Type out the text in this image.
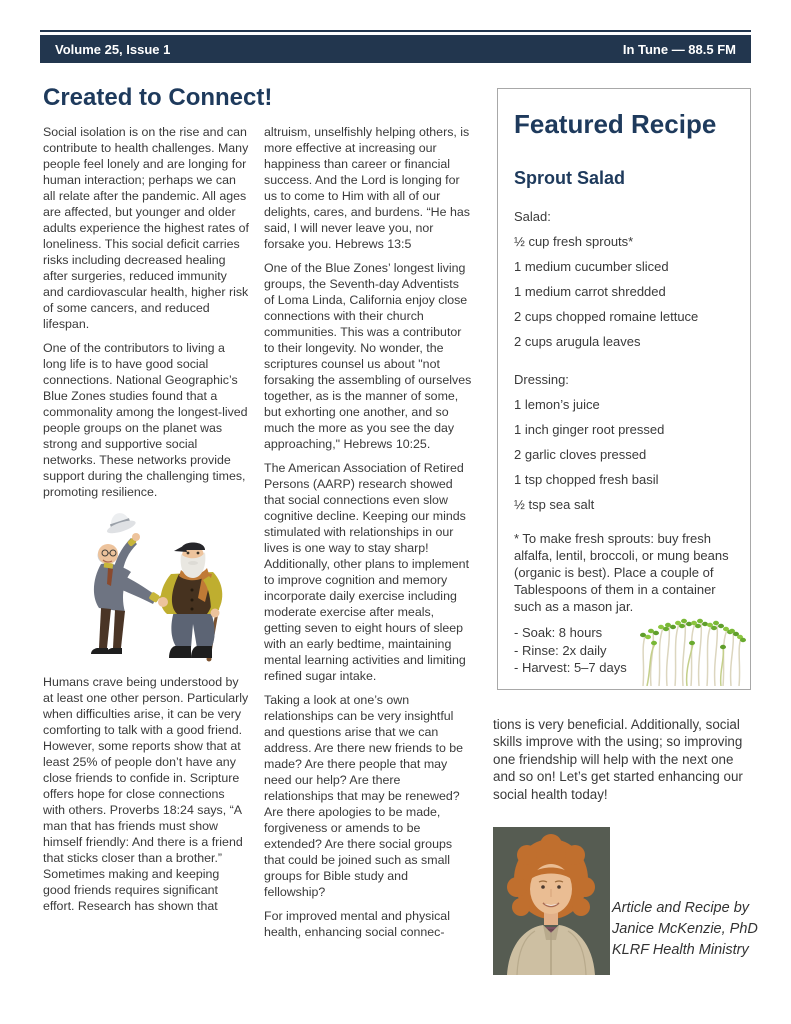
Volume 25, Issue 1	In Tune — 88.5 FM
Created to Connect!

Social isolation is on the rise and can contribute to health challenges. Many people feel lonely and are longing for human interaction; perhaps we can all relate after the pandemic. All ages are affected, but younger and older adults experience the highest rates of loneliness. This social deficit carries risks including decreased healing after surgeries, reduced immunity and cardiovascular health, higher risk of some cancers, and reduced lifespan.

One of the contributors to living a long life is to have good social connections. National Geographic’s Blue Zones studies found that a commonality among the longest-lived people groups on the planet was strong and supportive social networks. These networks provide support during the challenging times, promoting resilience.

Humans crave being understood by at least one other person. Particularly when difficulties arise, it can be very comforting to talk with a good friend. However, some reports show that at least 25% of people don’t have any close friends to confide in. Scripture offers hope for close connections with others. Proverbs 18:24 says, “A man that has friends must show himself friendly: And there is a friend that sticks closer than a brother.” Sometimes making and keeping good friends requires significant effort. Research has shown that

altruism, unselfishly helping others, is more effective at increasing our happiness than career or financial success. And the Lord is longing for us to come to Him with all of our delights, cares, and burdens. “He has said, I will never leave you, nor forsake you. Hebrews 13:5

One of the Blue Zones’ longest living groups, the Seventh-day Adventists of Loma Linda, California enjoy close connections with their church communities. This was a contributor to their longevity. No wonder, the scriptures counsel us about "not forsaking the assembling of ourselves together, as is the manner of some, but exhorting one another, and so much the more as you see the day approaching," Hebrews 10:25.

The American Association of Retired Persons (AARP) research showed that social connections even slow cognitive decline. Keeping our minds stimulated with relationships in our lives is one way to stay sharp! Additionally, other plans to implement to improve cognition and memory incorporate daily exercise including moderate exercise after meals, getting seven to eight hours of sleep with an early bedtime, maintaining mental learning activities and limiting refined sugar intake.

Taking a look at one’s own relationships can be very insightful and questions arise that we can address. Are there new friends to be made? Are there people that may need our help? Are there relationships that may be renewed? Are there apologies to be made, forgiveness or amends to be extended? Are there social groups that could be joined such as small groups for Bible study and fellowship?

For improved mental and physical health, enhancing social connec-

Featured Recipe
Sprout Salad
Salad:
½ cup fresh sprouts*
1 medium cucumber sliced
1 medium carrot shredded
2 cups chopped romaine lettuce
2 cups arugula leaves
Dressing:
1 lemon’s juice
1 inch ginger root pressed
2 garlic cloves pressed
1 tsp chopped fresh basil
½ tsp sea salt

* To make fresh sprouts: buy fresh alfalfa, lentil, broccoli, or mung beans (organic is best). Place a couple of Tablespoons of them in a container such as a mason jar.

- Soak: 8 hours
- Rinse: 2x daily
- Harvest: 5–7 days

tions is very beneficial. Additionally, social skills improve with the using; so improving one friendship will help with the next one and so on! Let’s get started enhancing our social health today!

Article and Recipe by
Janice McKenzie, PhD
KLRF Health Ministry
